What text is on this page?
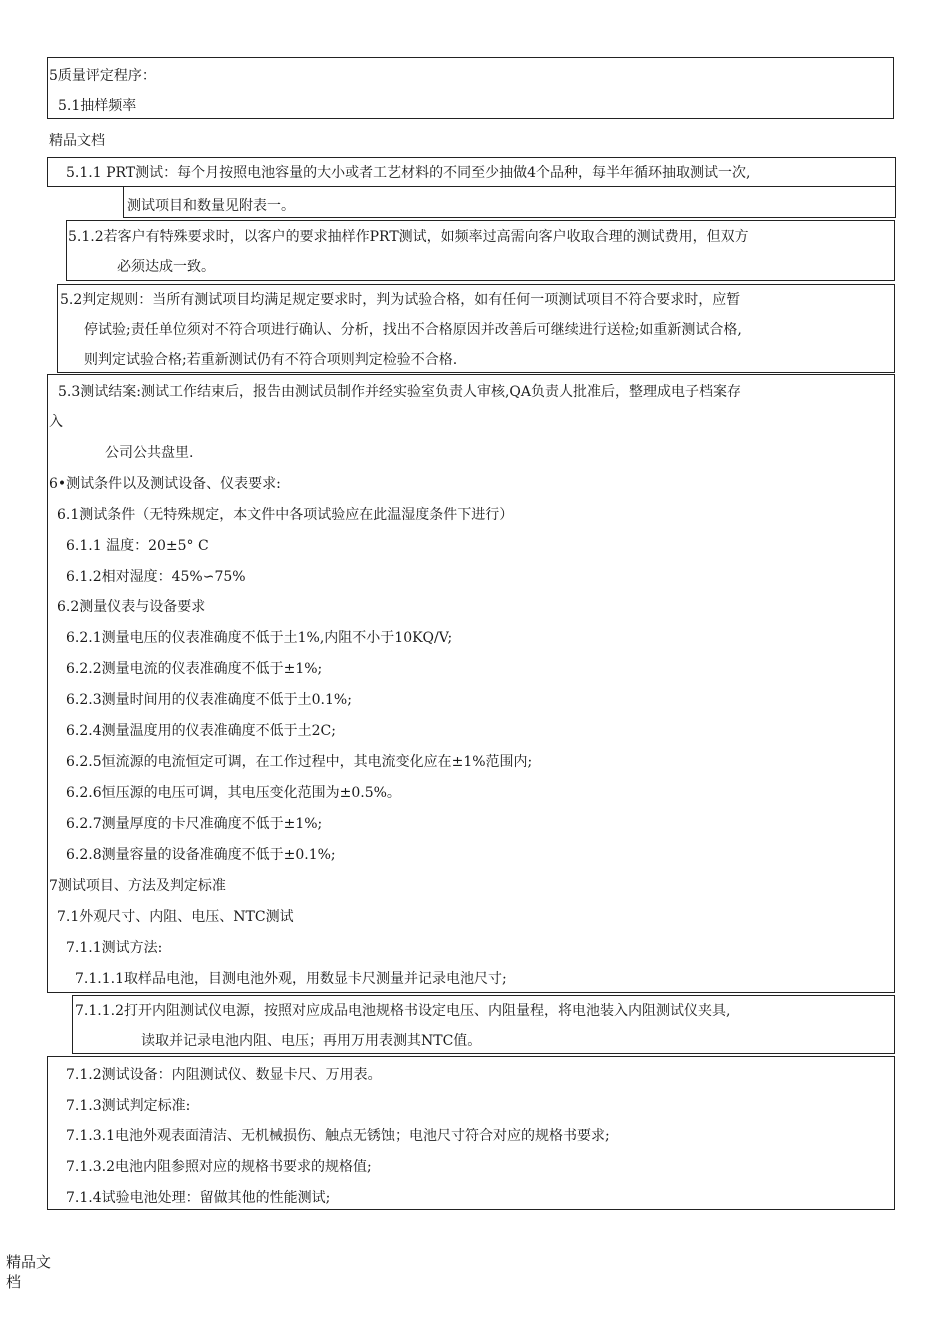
5质量评定程序：
5.1抽样频率
精品文档
5.1.1 PRT测试：每个月按照电池容量的大小或者工艺材料的不同至少抽做4个品种，每半年循环抽取测试一次,
测试项目和数量见附表一。
5.1.2若客户有特殊要求时，以客户的要求抽样作PRT测试，如频率过高需向客户收取合理的测试费用，但双方
必须达成一致。
5.2判定规则：当所有测试项目均满足规定要求时，判为试验合格，如有任何一项测试项目不符合要求时，应暂
停试验;责任单位须对不符合项进行确认、分析，找出不合格原因并改善后可继续进行送检;如重新测试合格,
则判定试验合格;若重新测试仍有不符合项则判定检验不合格.
5.3测试结案:测试工作结束后，报告由测试员制作并经实验室负责人审核,QA负责人批准后，整理成电子档案存
入
公司公共盘里.
6•测试条件以及测试设备、仪表要求:
6.1测试条件（无特殊规定，本文件中各项试验应在此温湿度条件下进行）
6.1.1 温度：20±5° C
6.1.2相对湿度：45%∽75%
6.2测量仪表与设备要求
6.2.1测量电压的仪表准确度不低于土1%,内阻不小于10KQ/V;
6.2.2测量电流的仪表准确度不低于±1%;
6.2.3测量时间用的仪表准确度不低于土0.1%;
6.2.4测量温度用的仪表准确度不低于土2C;
6.2.5恒流源的电流恒定可调，在工作过程中，其电流变化应在±1%范围内;
6.2.6恒压源的电压可调，其电压变化范围为±0.5%。
6.2.7测量厚度的卡尺准确度不低于±1%;
6.2.8测量容量的设备准确度不低于±0.1%;
7测试项目、方法及判定标准
7.1外观尺寸、内阻、电压、NTC测试
7.1.1测试方法:
7.1.1.1取样品电池，目测电池外观，用数显卡尺测量并记录电池尺寸;
7.1.1.2打开内阻测试仪电源，按照对应成品电池规格书设定电压、内阻量程，将电池装入内阻测试仪夹具,
读取并记录电池内阻、电压；再用万用表测其NTC值。
7.1.2测试设备：内阻测试仪、数显卡尺、万用表。
7.1.3测试判定标准:
7.1.3.1电池外观表面清洁、无机械损伤、触点无锈蚀；电池尺寸符合对应的规格书要求;
7.1.3.2电池内阻参照对应的规格书要求的规格值;
7.1.4试验电池处理：留做其他的性能测试;
精品文
档
